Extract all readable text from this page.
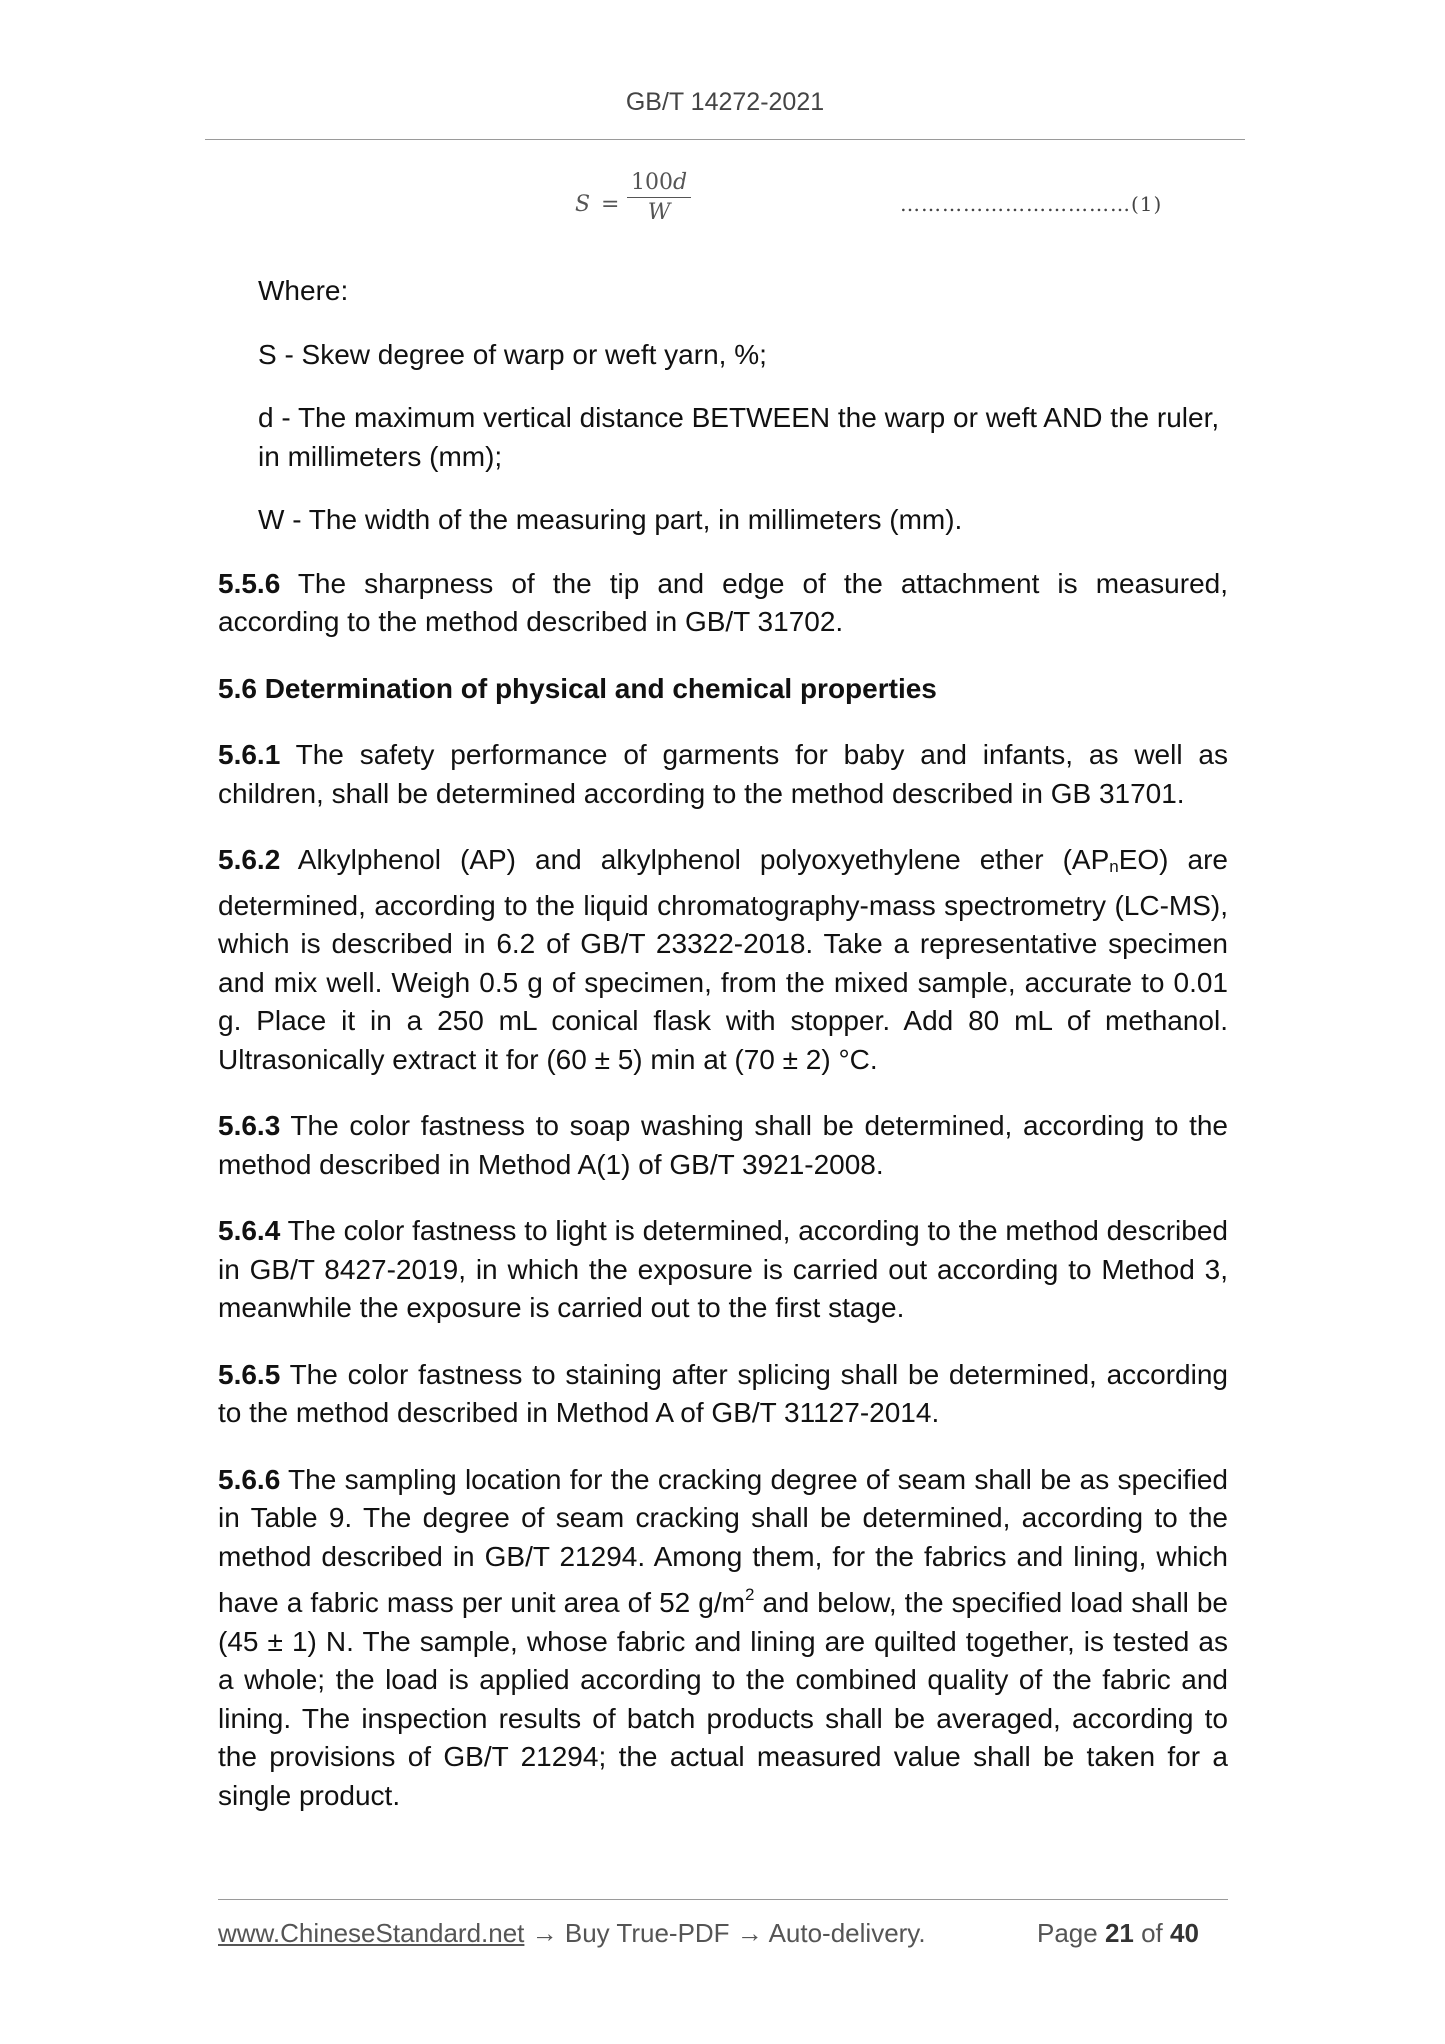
GB/T 14272-2021
S =
100d
W	……………………………(1)

Where:

S - Skew degree of warp or weft yarn, %;

d - The maximum vertical distance BETWEEN the warp or weft AND the ruler, in millimeters (mm);

W - The width of the measuring part, in millimeters (mm).

5.5.6 The sharpness of the tip and edge of the attachment is measured, according to the method described in GB/T 31702.

5.6 Determination of physical and chemical properties

5.6.1 The safety performance of garments for baby and infants, as well as children, shall be determined according to the method described in GB 31701.

5.6.2 Alkylphenol (AP) and alkylphenol polyoxyethylene ether (APnEO) are determined, according to the liquid chromatography-mass spectrometry (LC-MS), which is described in 6.2 of GB/T 23322-2018. Take a representative specimen and mix well. Weigh 0.5 g of specimen, from the mixed sample, accurate to 0.01 g. Place it in a 250 mL conical flask with stopper. Add 80 mL of methanol. Ultrasonically extract it for (60 ± 5) min at (70 ± 2) °C.

5.6.3 The color fastness to soap washing shall be determined, according to the method described in Method A(1) of GB/T 3921-2008.

5.6.4 The color fastness to light is determined, according to the method described in GB/T 8427-2019, in which the exposure is carried out according to Method 3, meanwhile the exposure is carried out to the first stage.

5.6.5 The color fastness to staining after splicing shall be determined, according to the method described in Method A of GB/T 31127-2014.

5.6.6 The sampling location for the cracking degree of seam shall be as specified in Table 9. The degree of seam cracking shall be determined, according to the method described in GB/T 21294. Among them, for the fabrics and lining, which have a fabric mass per unit area of 52 $g/m^2$ and below, the specified load shall be (45 ± 1) N. The sample, whose fabric and lining are quilted together, is tested as a whole; the load is applied according to the combined quality of the fabric and lining. The inspection results of batch products shall be averaged, according to the provisions of GB/T 21294; the actual measured value shall be taken for a single product.

www.ChineseStandard.net → Buy True-PDF → Auto-delivery.	Page 21 of 40
